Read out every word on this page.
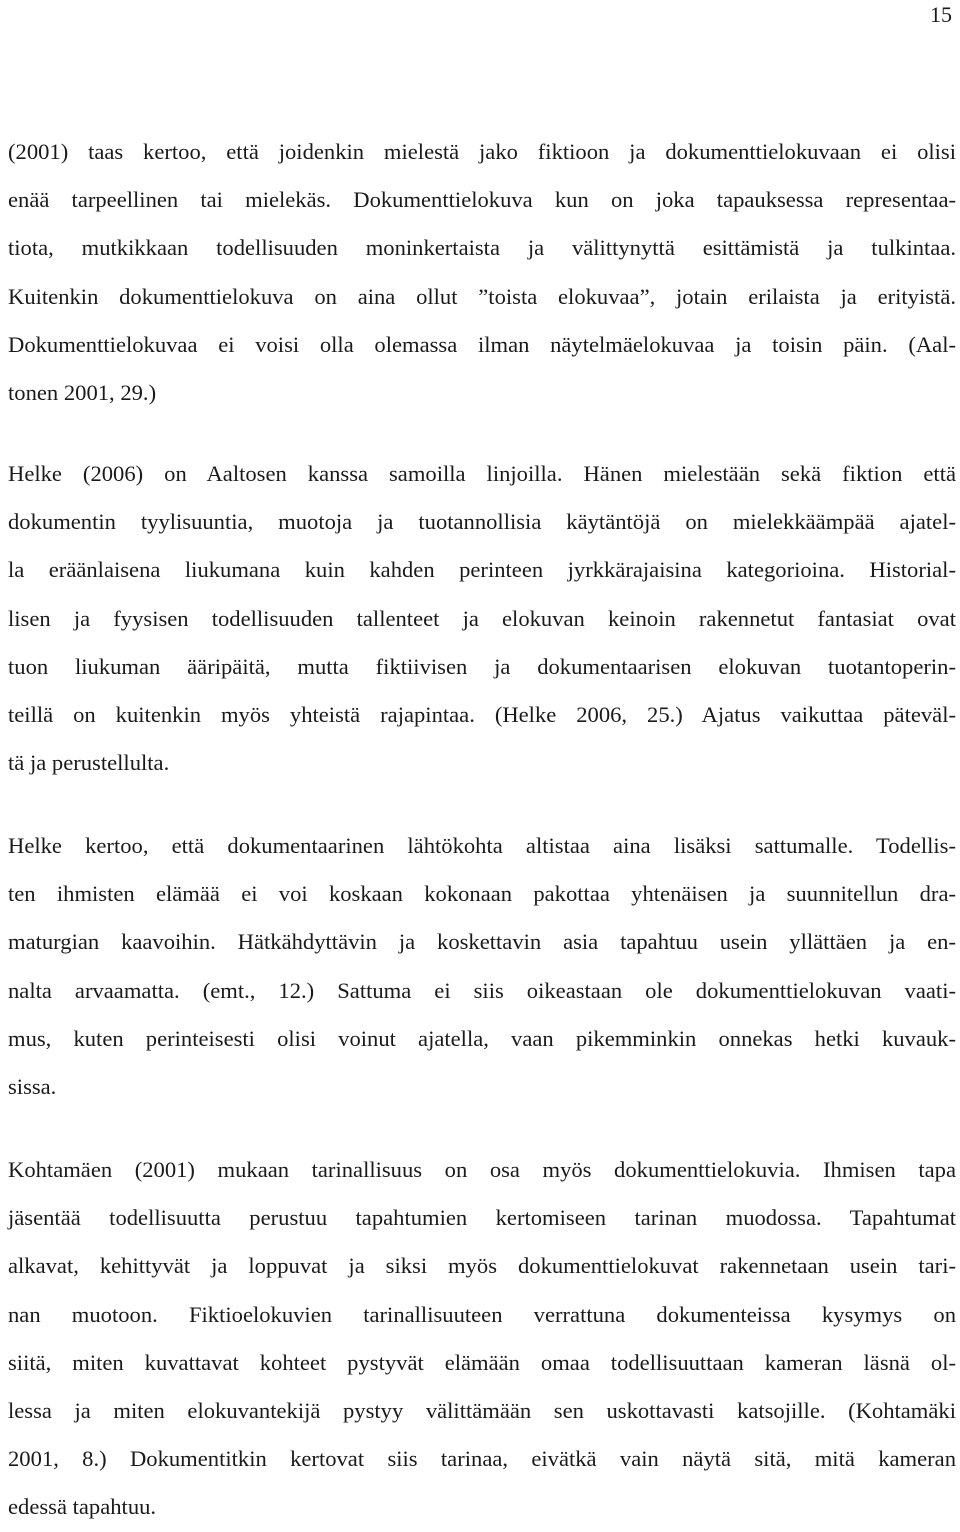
15

(2001) taas kertoo, että joidenkin mielestä jako fiktioon ja dokumenttielokuvaan ei olisi
enää tarpeellinen tai mielekäs. Dokumenttielokuva kun on joka tapauksessa representaa-
tiota, mutkikkaan todellisuuden moninkertaista ja välittynyttä esittämistä ja tulkintaa.
Kuitenkin dokumenttielokuva on aina ollut ”toista elokuvaa”, jotain erilaista ja erityistä.
Dokumenttielokuvaa ei voisi olla olemassa ilman näytelmäelokuvaa ja toisin päin. (Aal-
tonen 2001, 29.)

Helke (2006) on Aaltosen kanssa samoilla linjoilla. Hänen mielestään sekä fiktion että
dokumentin tyylisuuntia, muotoja ja tuotannollisia käytäntöjä on mielekkäämpää ajatel-
la eräänlaisena liukumana kuin kahden perinteen jyrkkärajaisina kategorioina. Historial-
lisen ja fyysisen todellisuuden tallenteet ja elokuvan keinoin rakennetut fantasiat ovat
tuon liukuman ääripäitä, mutta fiktiivisen ja dokumentaarisen elokuvan tuotantoperin-
teillä on kuitenkin myös yhteistä rajapintaa. (Helke 2006, 25.) Ajatus vaikuttaa päteväl-
tä ja perustellulta.

Helke kertoo, että dokumentaarinen lähtökohta altistaa aina lisäksi sattumalle. Todellis-
ten ihmisten elämää ei voi koskaan kokonaan pakottaa yhtenäisen ja suunnitellun dra-
maturgian kaavoihin. Hätkähdyttävin ja koskettavin asia tapahtuu usein yllättäen ja en-
nalta arvaamatta. (emt., 12.) Sattuma ei siis oikeastaan ole dokumenttielokuvan vaati-
mus, kuten perinteisesti olisi voinut ajatella, vaan pikemminkin onnekas hetki kuvauk-
sissa.

Kohtamäen (2001) mukaan tarinallisuus on osa myös dokumenttielokuvia. Ihmisen tapa
jäsentää todellisuutta perustuu tapahtumien kertomiseen tarinan muodossa. Tapahtumat
alkavat, kehittyvät ja loppuvat ja siksi myös dokumenttielokuvat rakennetaan usein tari-
nan muotoon. Fiktioelokuvien tarinallisuuteen verrattuna dokumenteissa kysymys on
siitä, miten kuvattavat kohteet pystyvät elämään omaa todellisuuttaan kameran läsnä ol-
lessa ja miten elokuvantekijä pystyy välittämään sen uskottavasti katsojille. (Kohtamäki
2001, 8.) Dokumentitkin kertovat siis tarinaa, eivätkä vain näytä sitä, mitä kameran
edessä tapahtuu.
